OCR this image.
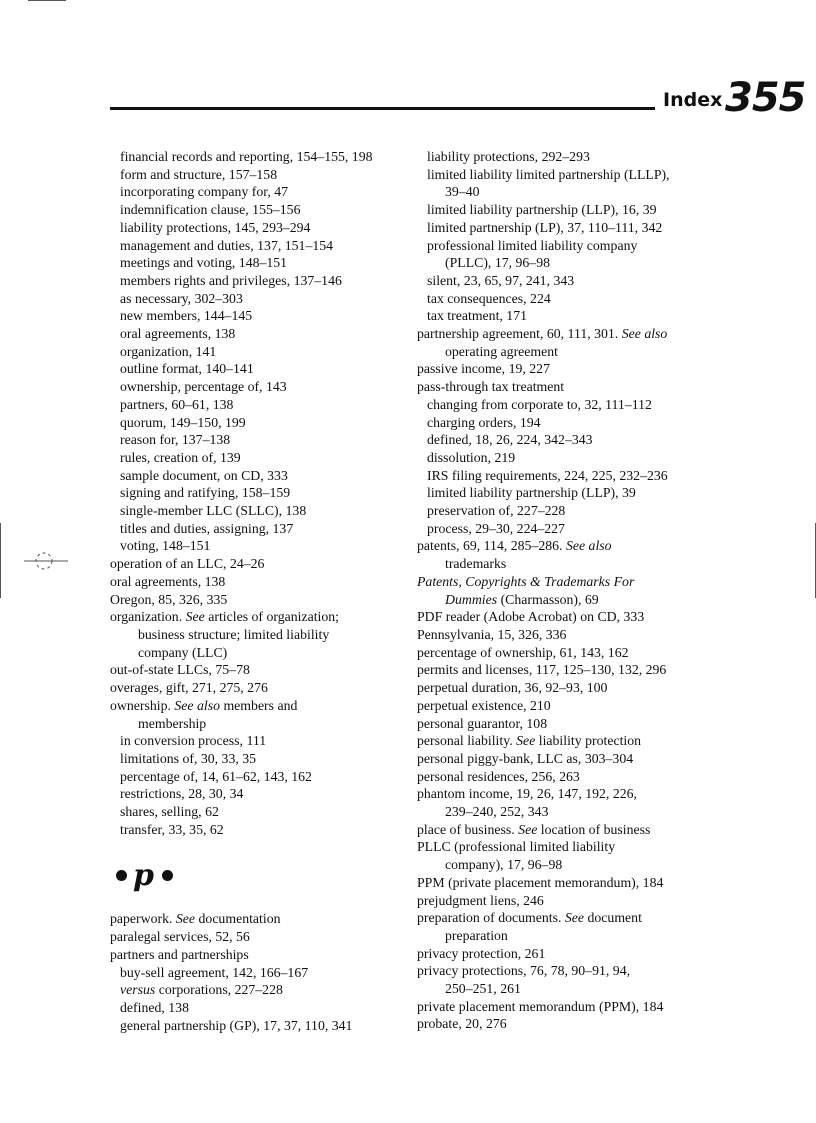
Index 355
financial records and reporting, 154–155, 198
form and structure, 157–158
incorporating company for, 47
indemnification clause, 155–156
liability protections, 145, 293–294
management and duties, 137, 151–154
meetings and voting, 148–151
members rights and privileges, 137–146
as necessary, 302–303
new members, 144–145
oral agreements, 138
organization, 141
outline format, 140–141
ownership, percentage of, 143
partners, 60–61, 138
quorum, 149–150, 199
reason for, 137–138
rules, creation of, 139
sample document, on CD, 333
signing and ratifying, 158–159
single-member LLC (SLLC), 138
titles and duties, assigning, 137
voting, 148–151
operation of an LLC, 24–26
oral agreements, 138
Oregon, 85, 326, 335
organization. See articles of organization;
business structure; limited liability
company (LLC)
out-of-state LLCs, 75–78
overages, gift, 271, 275, 276
ownership. See also members and
membership
in conversion process, 111
limitations of, 30, 33, 35
percentage of, 14, 61–62, 143, 162
restrictions, 28, 30, 34
shares, selling, 62
transfer, 33, 35, 62
p
paperwork. See documentation
paralegal services, 52, 56
partners and partnerships
buy-sell agreement, 142, 166–167
versus corporations, 227–228
defined, 138
general partnership (GP), 17, 37, 110, 341
liability protections, 292–293
limited liability limited partnership (LLLP),
39–40
limited liability partnership (LLP), 16, 39
limited partnership (LP), 37, 110–111, 342
professional limited liability company
(PLLC), 17, 96–98
silent, 23, 65, 97, 241, 343
tax consequences, 224
tax treatment, 171
partnership agreement, 60, 111, 301. See also
operating agreement
passive income, 19, 227
pass-through tax treatment
changing from corporate to, 32, 111–112
charging orders, 194
defined, 18, 26, 224, 342–343
dissolution, 219
IRS filing requirements, 224, 225, 232–236
limited liability partnership (LLP), 39
preservation of, 227–228
process, 29–30, 224–227
patents, 69, 114, 285–286. See also
trademarks
Patents, Copyrights & Trademarks For
Dummies (Charmasson), 69
PDF reader (Adobe Acrobat) on CD, 333
Pennsylvania, 15, 326, 336
percentage of ownership, 61, 143, 162
permits and licenses, 117, 125–130, 132, 296
perpetual duration, 36, 92–93, 100
perpetual existence, 210
personal guarantor, 108
personal liability. See liability protection
personal piggy-bank, LLC as, 303–304
personal residences, 256, 263
phantom income, 19, 26, 147, 192, 226,
239–240, 252, 343
place of business. See location of business
PLLC (professional limited liability
company), 17, 96–98
PPM (private placement memorandum), 184
prejudgment liens, 246
preparation of documents. See document
preparation
privacy protection, 261
privacy protections, 76, 78, 90–91, 94,
250–251, 261
private placement memorandum (PPM), 184
probate, 20, 276
